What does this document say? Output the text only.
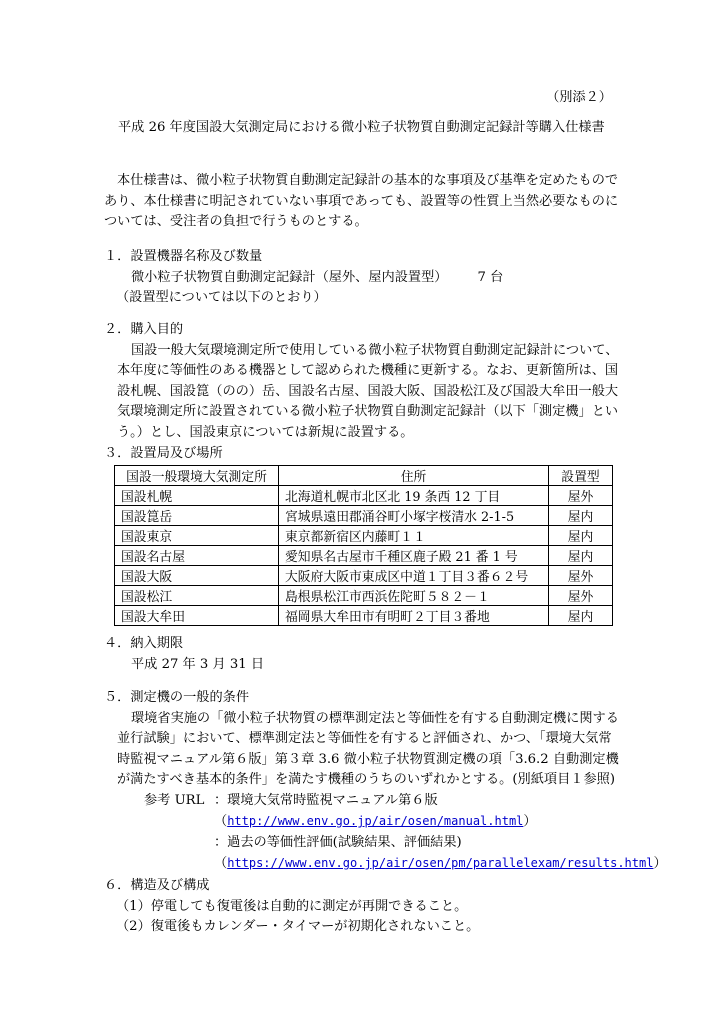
（別添２）
平成 26 年度国設大気測定局における微小粒子状物質自動測定記録計等購入仕様書
本仕様書は、微小粒子状物質自動測定記録計の基本的な事項及び基準を定めたもので
あり、本仕様書に明記されていない事項であっても、設置等の性質上当然必要なものに
ついては、受注者の負担で行うものとする。
１．設置機器名称及び数量
微小粒子状物質自動測定記録計（屋外、屋内設置型） 7 台
（設置型については以下のとおり）
２．購入目的
国設一般大気環境測定所で使用している微小粒子状物質自動測定記録計について、
本年度に等価性のある機器として認められた機種に更新する。なお、更新箇所は、国
設札幌、国設箟（のの）岳、国設名古屋、国設大阪、国設松江及び国設大牟田一般大
気環境測定所に設置されている微小粒子状物質自動測定記録計（以下「測定機」とい
う。）とし、国設東京については新規に設置する。
３．設置局及び場所
国設一般環境大気測定所	住所	設置型
国設札幌	北海道札幌市北区北 19 条西 12 丁目	屋外
国設箟岳	宮城県遠田郡涌谷町小塚字桜清水 2-1-5	屋内
国設東京	東京都新宿区内藤町１１	屋内
国設名古屋	愛知県名古屋市千種区鹿子殿 21 番 1 号	屋内
国設大阪	大阪府大阪市東成区中道１丁目３番６２号	屋外
国設松江	島根県松江市西浜佐陀町５８２－１	屋外
国設大牟田	福岡県大牟田市有明町２丁目３番地	屋内
４．納入期限
平成 27 年 3 月 31 日
５．測定機の一般的条件
環境省実施の「微小粒子状物質の標準測定法と等価性を有する自動測定機に関する
並行試験」において、標準測定法と等価性を有すると評価され、かつ、「環境大気常
時監視マニュアル第６版」第３章 3.6 微小粒子状物質測定機の項「3.6.2 自動測定機
が満たすべき基本的条件」を満たす機種のうちのいずれかとする。(別紙項目１参照)
参考 URL ：環境大気常時監視マニュアル第６版
（http://www.env.go.jp/air/osen/manual.html）
：過去の等価性評価(試験結果、評価結果)
（https://www.env.go.jp/air/osen/pm/parallelexam/results.html）
６．構造及び構成
（1）停電しても復電後は自動的に測定が再開できること。
（2）復電後もカレンダー・タイマーが初期化されないこと。
